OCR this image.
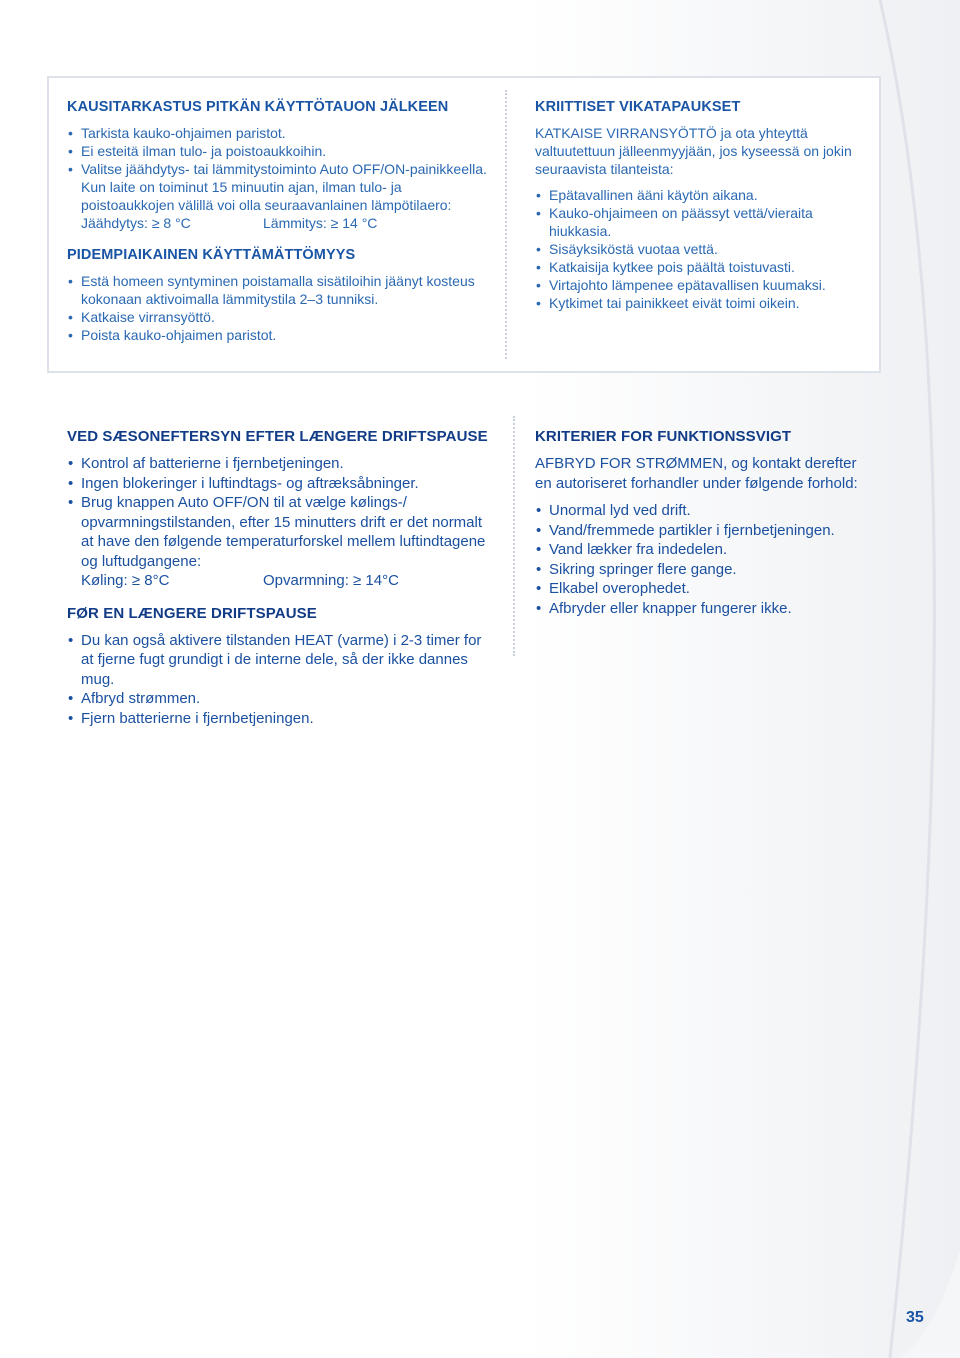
KAUSITARKASTUS PITKÄN KÄYTTÖTAUON JÄLKEEN
• Tarkista kauko-ohjaimen paristot.
• Ei esteitä ilman tulo- ja poistoaukkoihin.
• Valitse jäähdytys- tai lämmitystoiminto Auto OFF/ON-painikkeella. Kun laite on toiminut 15 minuutin ajan, ilman tulo- ja poistoaukkojen välillä voi olla seuraavanlainen lämpötilaero:
Jäähdytys: ≥ 8 °C	Lämmitys: ≥ 14 °C
PIDEMPIAIKAINEN KÄYTTÄMÄTTÖMYYS
• Estä homeen syntyminen poistamalla sisätiloihin jäänyt kosteus kokonaan aktivoimalla lämmitystila 2–3 tunniksi.
• Katkaise virransyöttö.
• Poista kauko-ohjaimen paristot.
KRIITTISET VIKATAPAUKSET
KATKAISE VIRRANSYÖTTÖ ja ota yhteyttä valtuutettuun jälleenmyyjään, jos kyseessä on jokin seuraavista tilanteista:
• Epätavallinen ääni käytön aikana.
• Kauko-ohjaimeen on päässyt vettä/vieraita hiukkasia.
• Sisäyksiköstä vuotaa vettä.
• Katkaisija kytkee pois päältä toistuvasti.
• Virtajohto lämpenee epätavallisen kuumaksi.
• Kytkimet tai painikkeet eivät toimi oikein.
VED SÆSONEFTERSYN EFTER LÆNGERE DRIFTSPAUSE
• Kontrol af batterierne i fjernbetjeningen.
• Ingen blokeringer i luftindtags- og aftræksåbninger.
• Brug knappen Auto OFF/ON til at vælge kølings-/ opvarmningstilstanden, efter 15 minutters drift er det normalt at have den følgende temperaturforskel mellem luftindtagene og luftudgangene:
Køling: ≥ 8°C	Opvarmning: ≥ 14°C
FØR EN LÆNGERE DRIFTSPAUSE
• Du kan også aktivere tilstanden HEAT (varme) i 2-3 timer for at fjerne fugt grundigt i de interne dele, så der ikke dannes mug.
• Afbryd strømmen.
• Fjern batterierne i fjernbetjeningen.
KRITERIER FOR FUNKTIONSSVIGT
AFBRYD FOR STRØMMEN, og kontakt derefter en autoriseret forhandler under følgende forhold:
• Unormal lyd ved drift.
• Vand/fremmede partikler i fjernbetjeningen.
• Vand lækker fra indedelen.
• Sikring springer flere gange.
• Elkabel overophedet.
• Afbryder eller knapper fungerer ikke.
35
